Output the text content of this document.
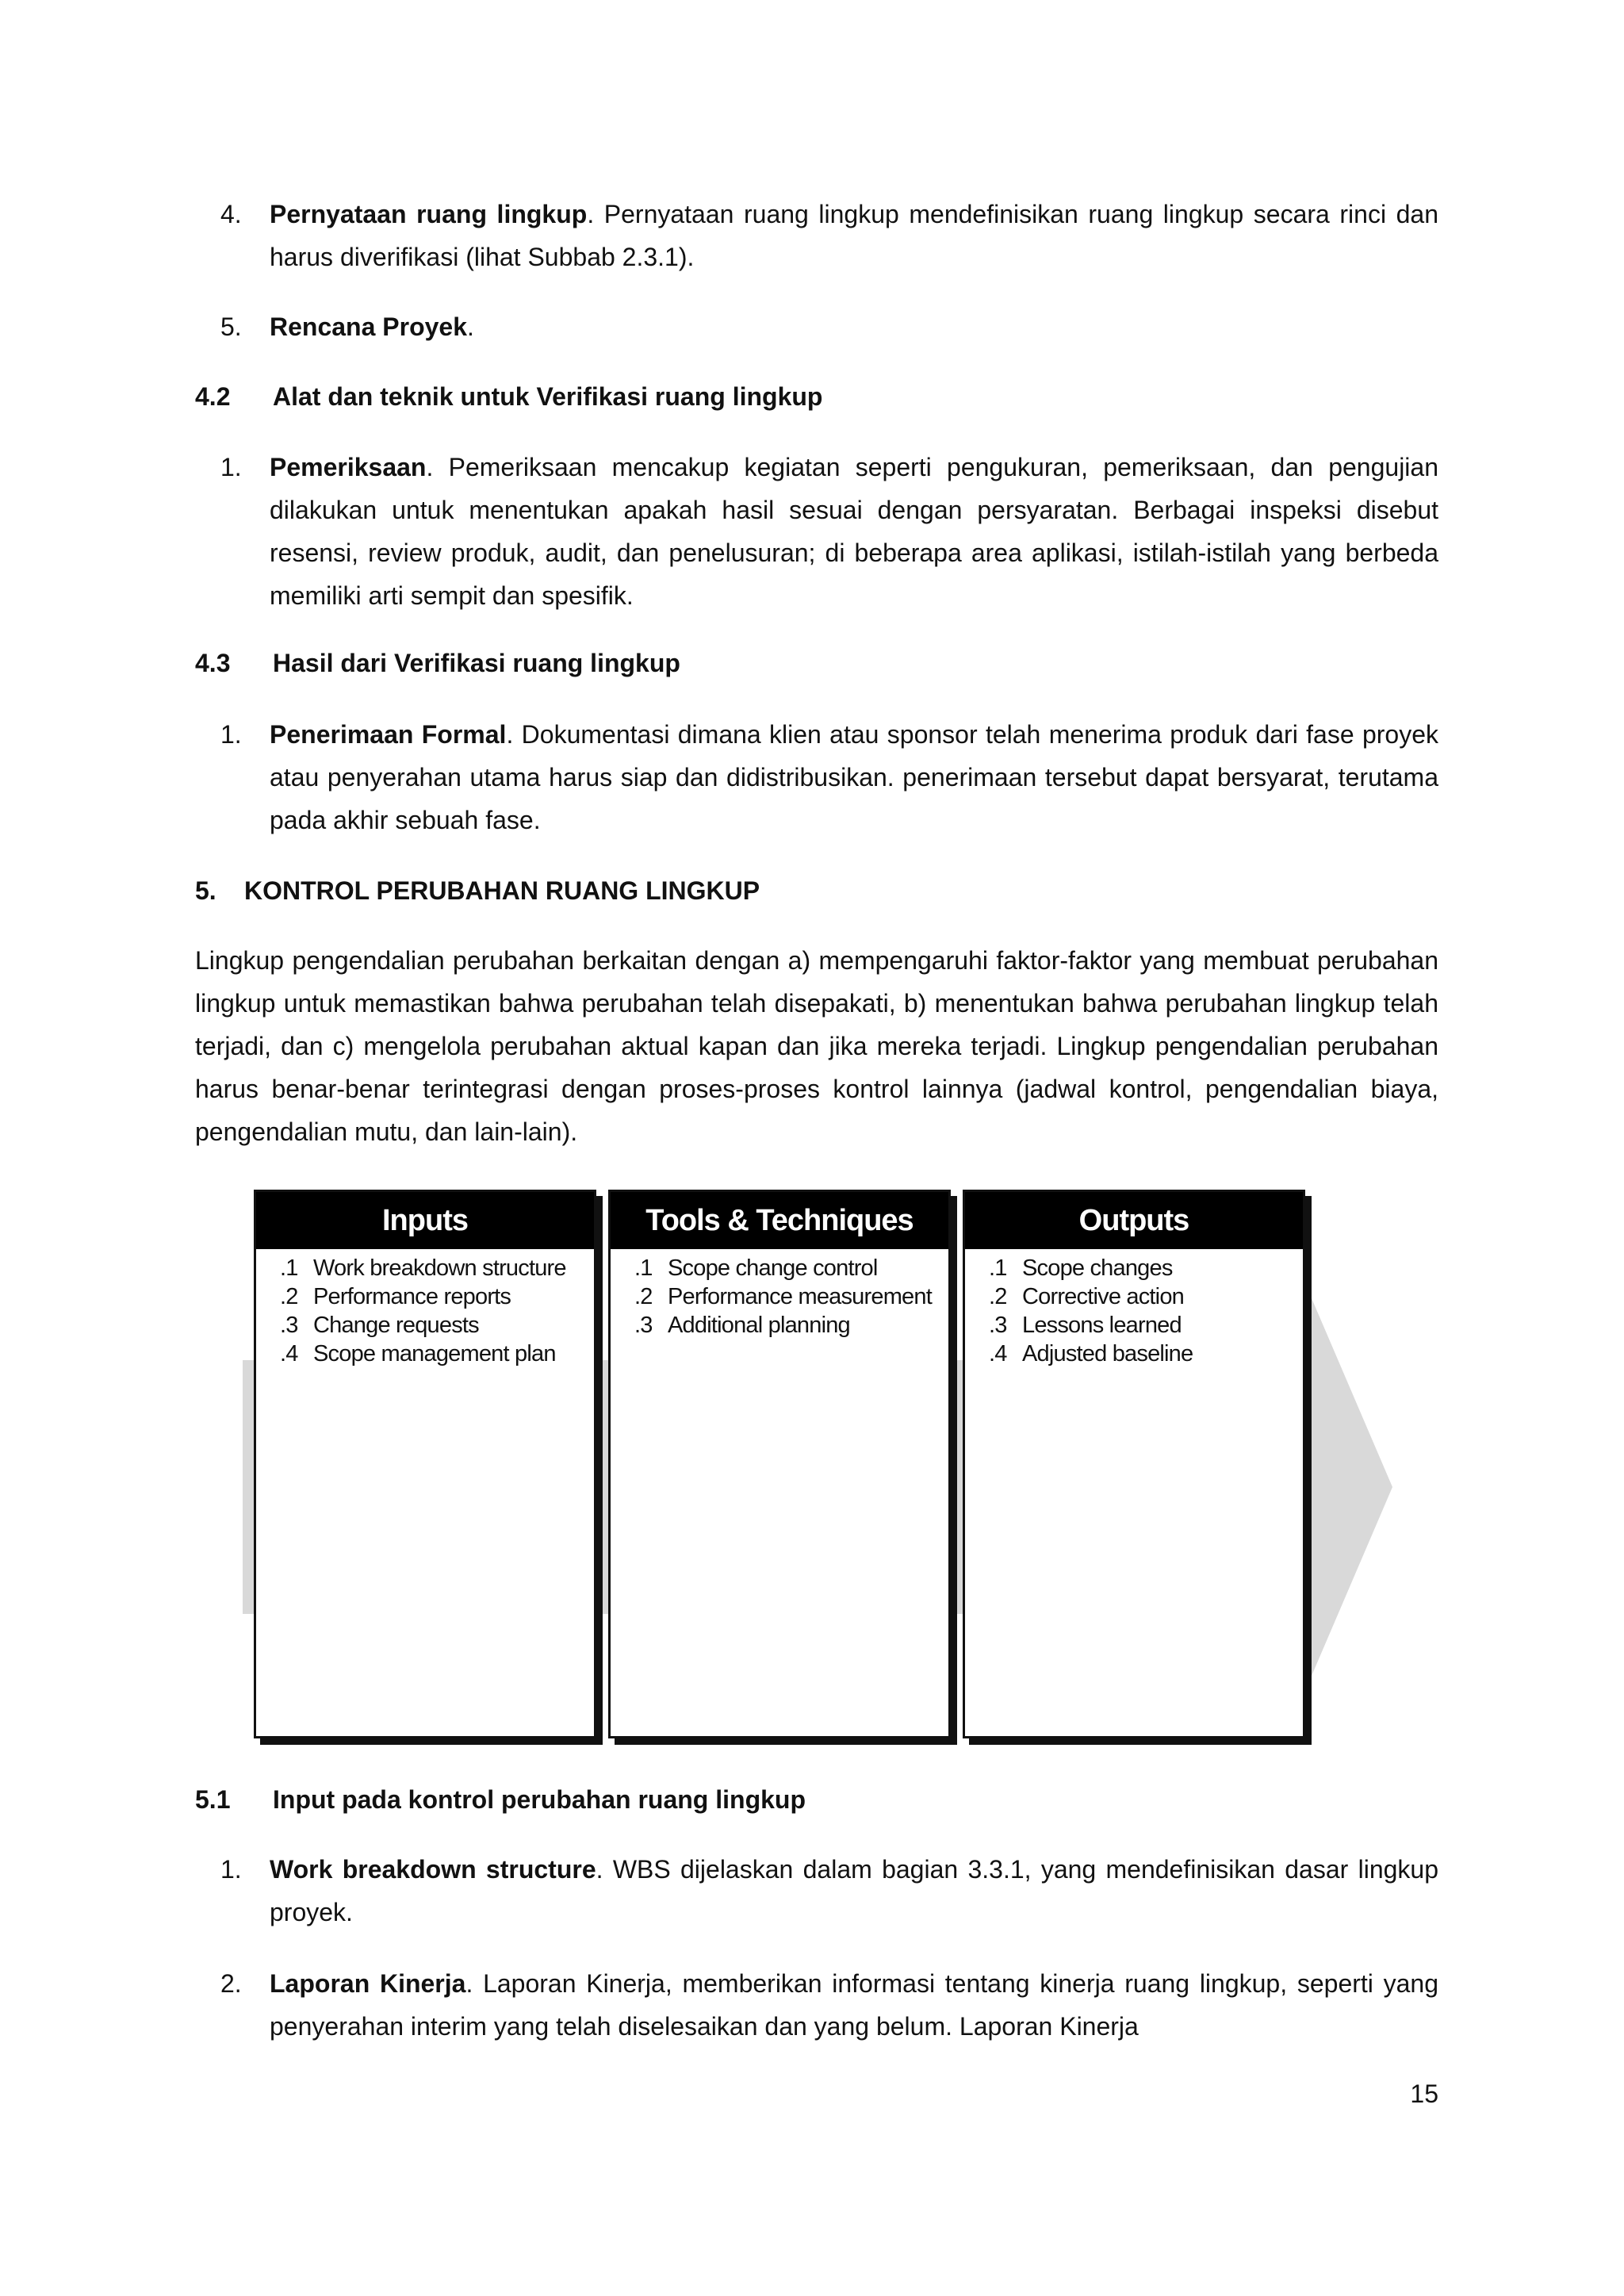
4. Pernyataan ruang lingkup. Pernyataan ruang lingkup mendefinisikan ruang lingkup secara rinci dan harus diverifikasi (lihat Subbab 2.3.1).
5. Rencana Proyek.
4.2 Alat dan teknik untuk Verifikasi ruang lingkup
1. Pemeriksaan. Pemeriksaan mencakup kegiatan seperti pengukuran, pemeriksaan, dan pengujian dilakukan untuk menentukan apakah hasil sesuai dengan persyaratan. Berbagai inspeksi disebut resensi, review produk, audit, dan penelusuran; di beberapa area aplikasi, istilah-istilah yang berbeda memiliki arti sempit dan spesifik.
4.3 Hasil dari Verifikasi ruang lingkup
1. Penerimaan Formal. Dokumentasi dimana klien atau sponsor telah menerima produk dari fase proyek atau penyerahan utama harus siap dan didistribusikan. penerimaan tersebut dapat bersyarat, terutama pada akhir sebuah fase.
5. KONTROL PERUBAHAN RUANG LINGKUP

Lingkup pengendalian perubahan berkaitan dengan a) mempengaruhi faktor-faktor yang membuat perubahan lingkup untuk memastikan bahwa perubahan telah disepakati, b) menentukan bahwa perubahan lingkup telah terjadi, dan c) mengelola perubahan aktual kapan dan jika mereka terjadi. Lingkup pengendalian perubahan harus benar-benar terintegrasi dengan proses-proses kontrol lainnya (jadwal kontrol, pengendalian biaya, pengendalian mutu, dan lain-lain).

Inputs
.1 Work breakdown structure
.2 Performance reports
.3 Change requests
.4 Scope management plan
Tools & Techniques
.1 Scope change control
.2 Performance measurement
.3 Additional planning
Outputs
.1 Scope changes
.2 Corrective action
.3 Lessons learned
.4 Adjusted baseline
5.1 Input pada kontrol perubahan ruang lingkup
1. Work breakdown structure. WBS dijelaskan dalam bagian 3.3.1, yang mendefinisikan dasar lingkup proyek.
2. Laporan Kinerja. Laporan Kinerja, memberikan informasi tentang kinerja ruang lingkup, seperti yang penyerahan interim yang telah diselesaikan dan yang belum. Laporan Kinerja
15
